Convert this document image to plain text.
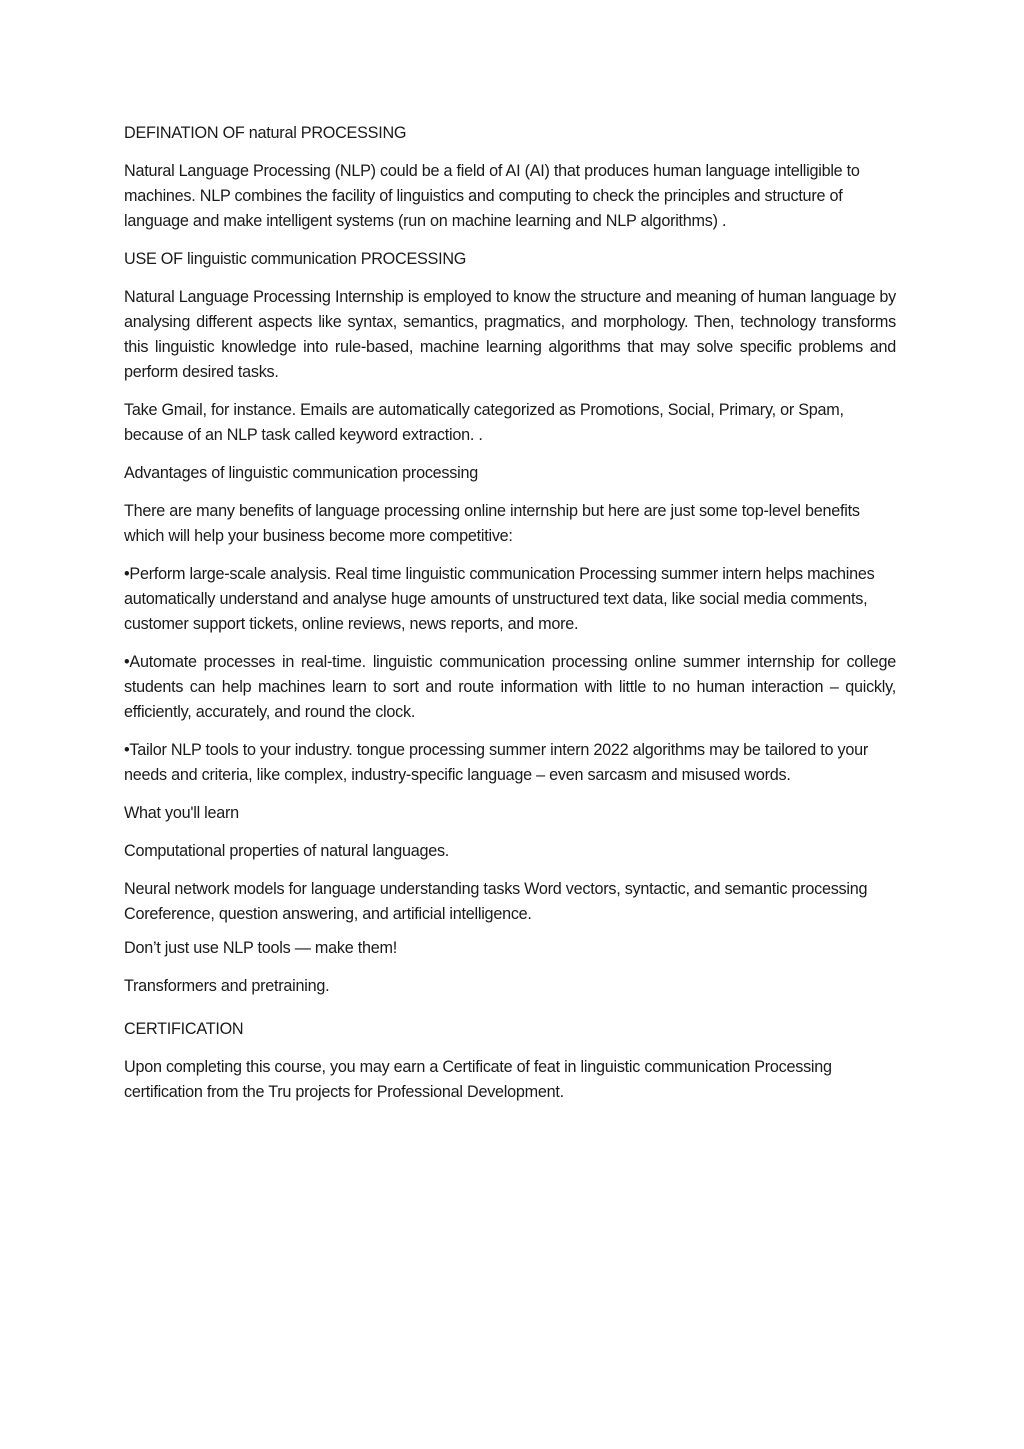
DEFINATION OF natural PROCESSING

Natural Language Processing (NLP) could be a field of AI (AI) that produces human language intelligible to machines. NLP combines the facility of linguistics and computing to check the principles and structure of language and make intelligent systems (run on machine learning and NLP algorithms) .

USE OF linguistic communication PROCESSING

Natural Language Processing Internship is employed to know the structure and meaning of human language by analysing different aspects like syntax, semantics, pragmatics, and morphology. Then, technology transforms this linguistic knowledge into rule-based, machine learning algorithms that may solve specific problems and perform desired tasks.

Take Gmail, for instance. Emails are automatically categorized as Promotions, Social, Primary, or Spam, because of an NLP task called keyword extraction. .

Advantages of linguistic communication processing

There are many benefits of language processing online internship but here are just some top-level benefits which will help your business become more competitive:

•Perform large-scale analysis. Real time linguistic communication Processing summer intern helps machines automatically understand and analyse huge amounts of unstructured text data, like social media comments, customer support tickets, online reviews, news reports, and more.

•Automate processes in real-time. linguistic communication processing online summer internship for college students can help machines learn to sort and route information with little to no human interaction – quickly, efficiently, accurately, and round the clock.

•Tailor NLP tools to your industry. tongue processing summer intern 2022 algorithms may be tailored to your needs and criteria, like complex, industry-specific language – even sarcasm and misused words.

What you'll learn

Computational properties of natural languages.

Neural network models for language understanding tasks Word vectors, syntactic, and semantic processing Coreference, question answering, and artificial intelligence.

Don’t just use NLP tools — make them!

Transformers and pretraining.

CERTIFICATION

Upon completing this course, you may earn a Certificate of feat in linguistic communication Processing certification from the Tru projects for Professional Development.
